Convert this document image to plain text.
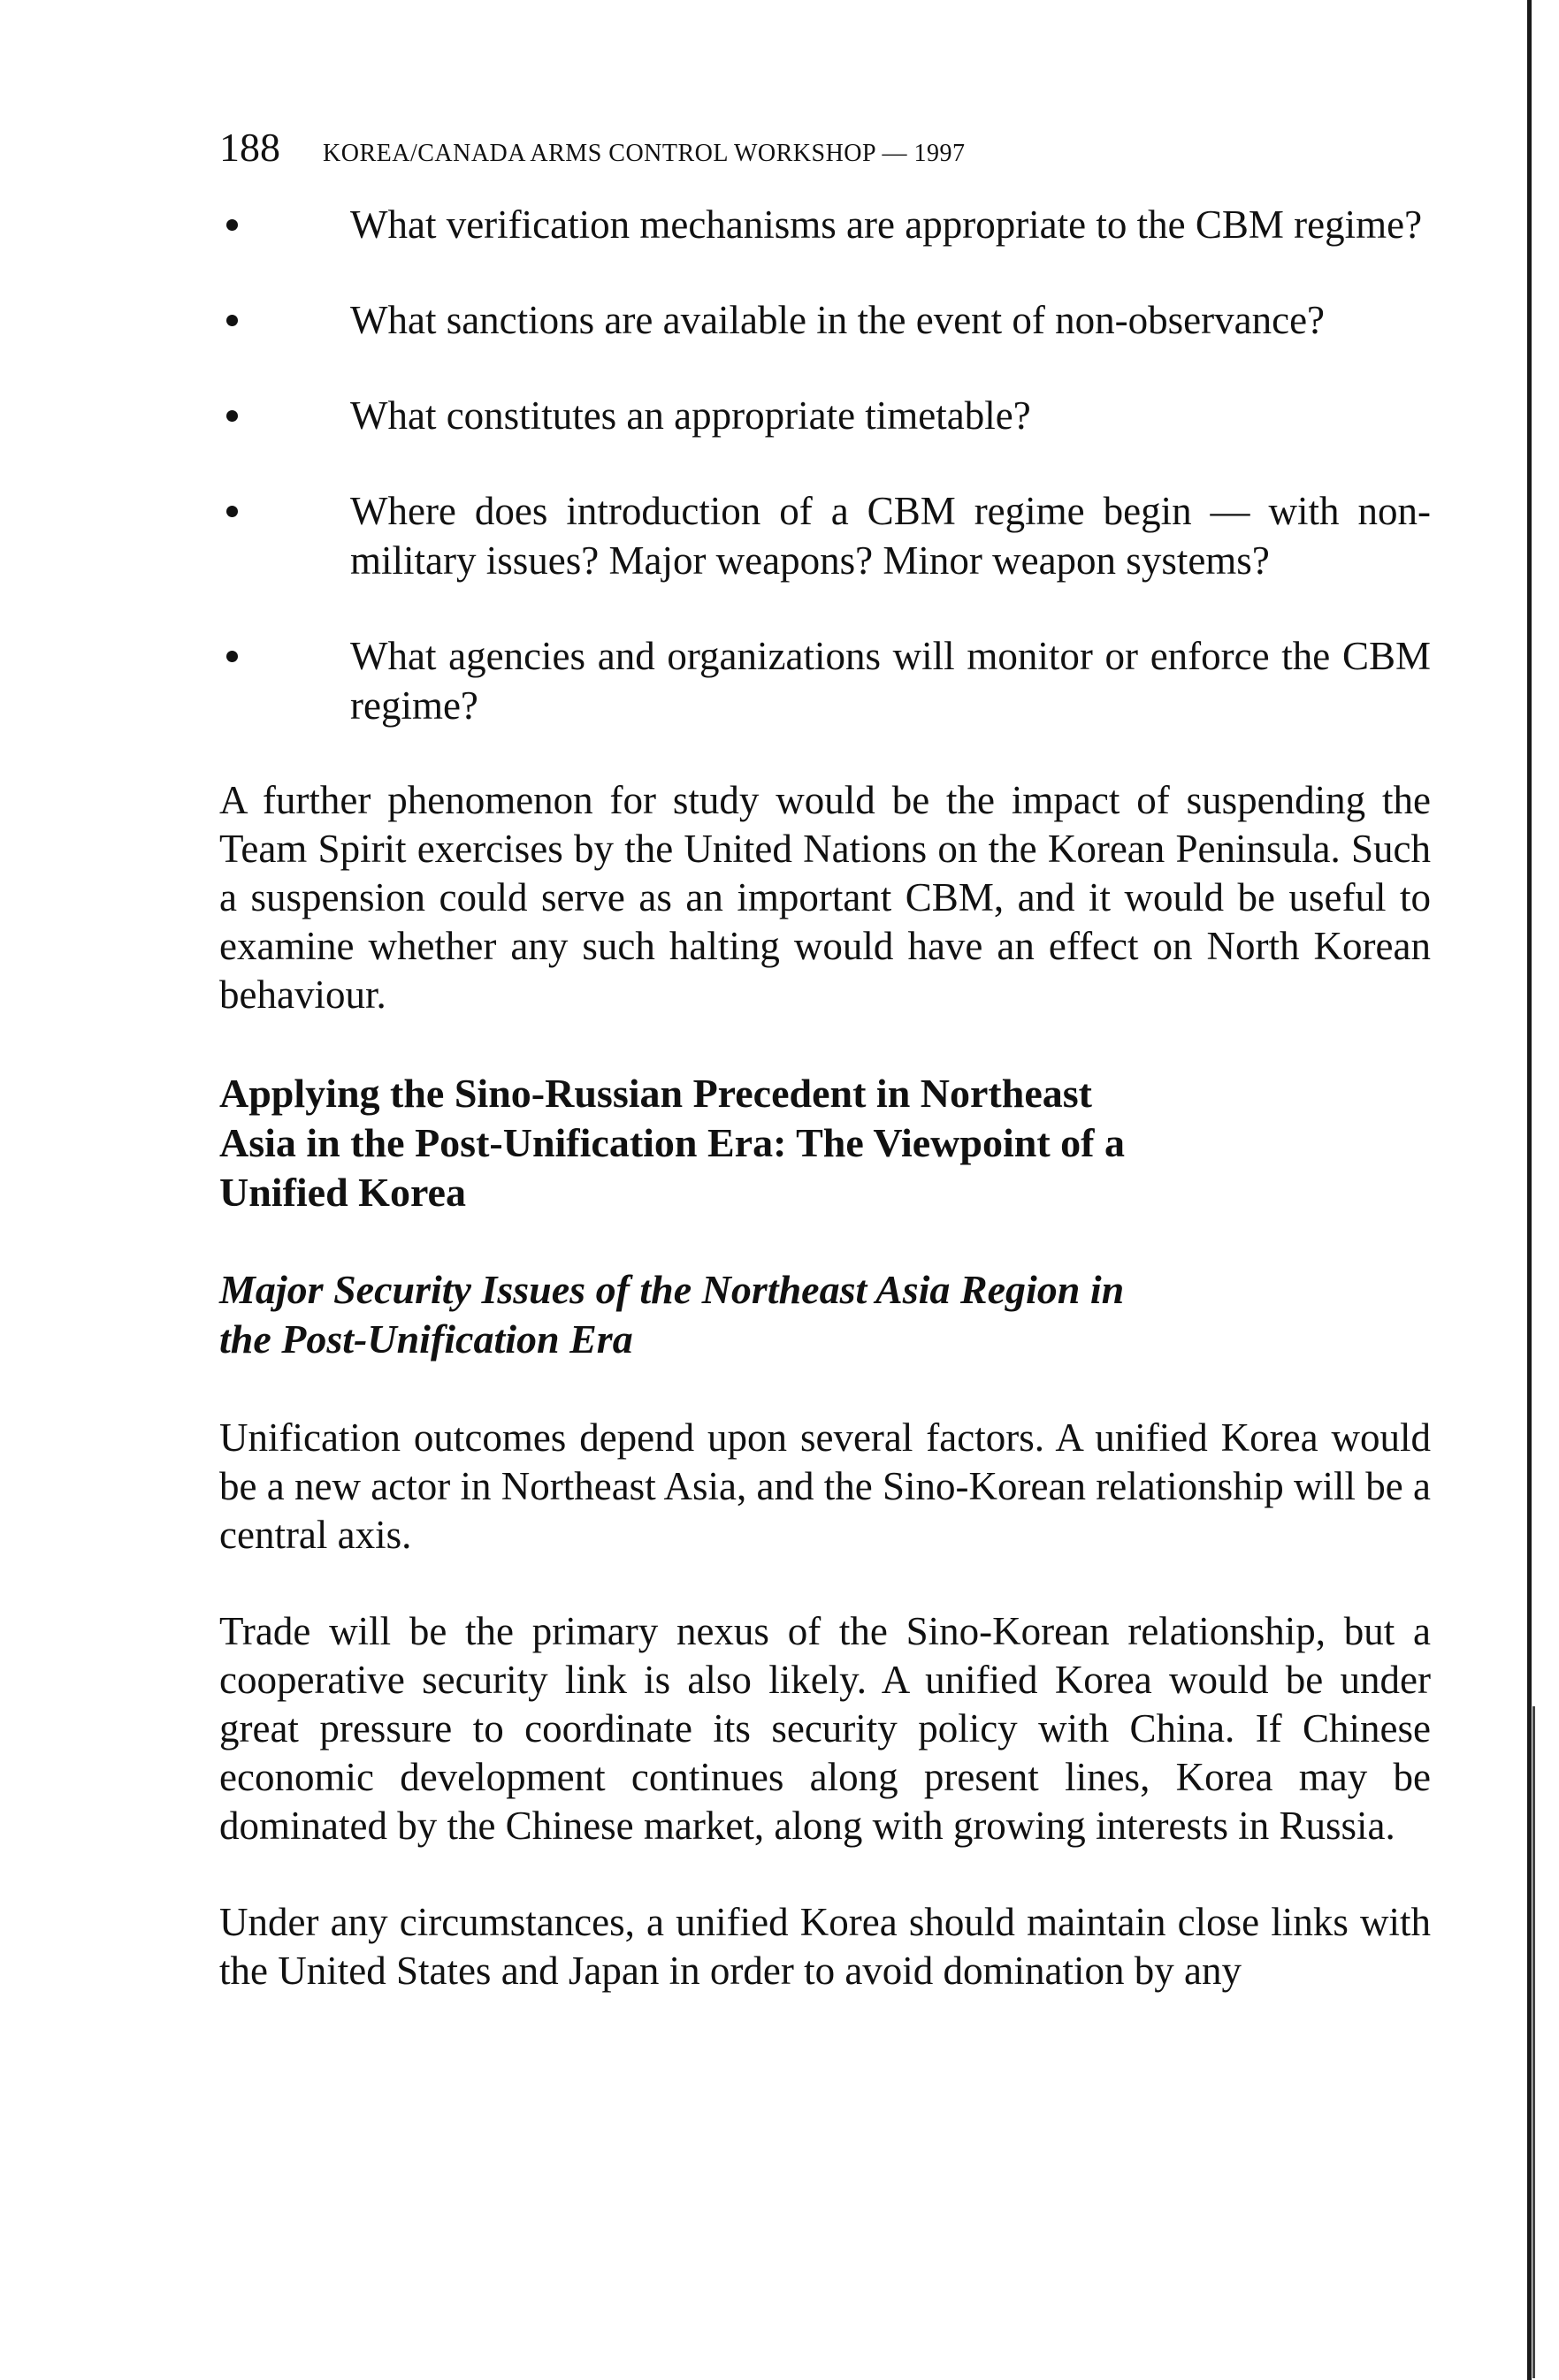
188 KOREA/CANADA ARMS CONTROL WORKSHOP — 1997
What verification mechanisms are appropriate to the CBM regime?
What sanctions are available in the event of non-observance?
What constitutes an appropriate timetable?
Where does introduction of a CBM regime begin — with non-military issues? Major weapons? Minor weapon systems?
What agencies and organizations will monitor or enforce the CBM regime?

A further phenomenon for study would be the impact of suspending the Team Spirit exercises by the United Nations on the Korean Peninsula. Such a suspension could serve as an important CBM, and it would be useful to examine whether any such halting would have an effect on North Korean behaviour.

Applying the Sino-Russian Precedent in Northeast Asia in the Post-Unification Era: The Viewpoint of a Unified Korea
Major Security Issues of the Northeast Asia Region in the Post-Unification Era

Unification outcomes depend upon several factors. A unified Korea would be a new actor in Northeast Asia, and the Sino-Korean relationship will be a central axis.

Trade will be the primary nexus of the Sino-Korean relationship, but a cooperative security link is also likely. A unified Korea would be under great pressure to coordinate its security policy with China. If Chinese economic development continues along present lines, Korea may be dominated by the Chinese market, along with growing interests in Russia.

Under any circumstances, a unified Korea should maintain close links with the United States and Japan in order to avoid domination by any
